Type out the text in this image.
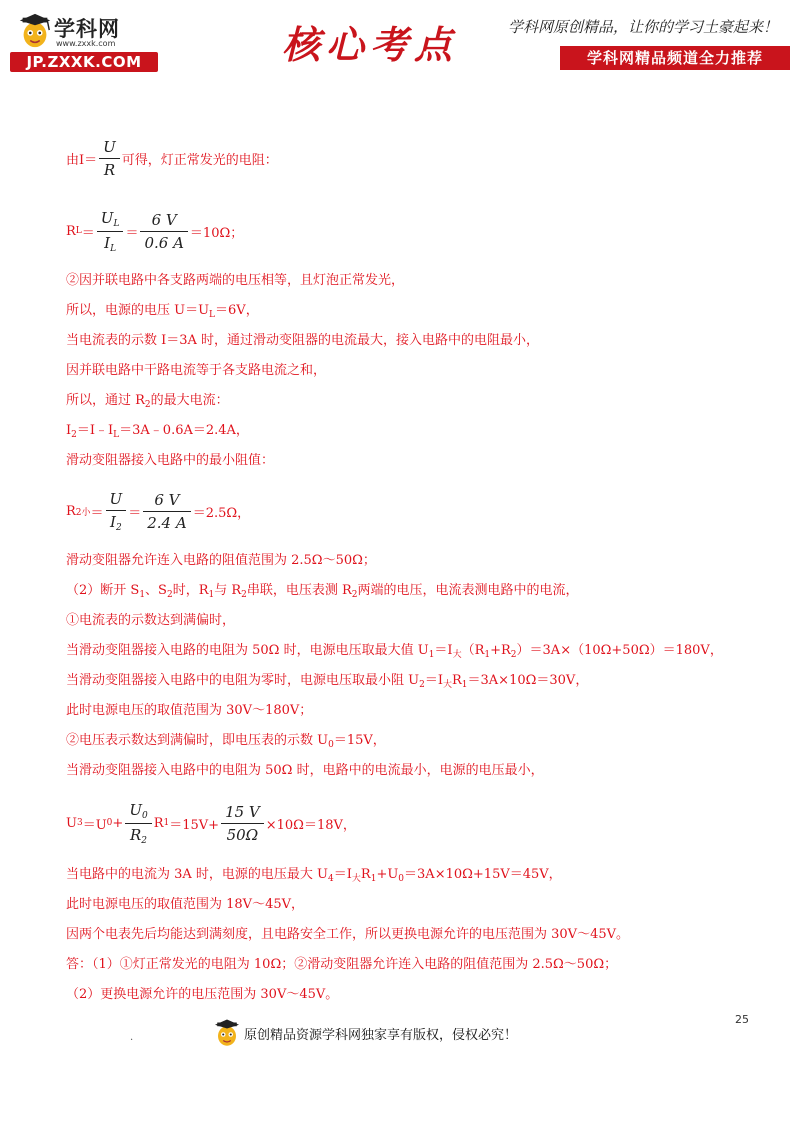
学科网
www.zxxk.com
JP.ZXXK.COM	核心考点	学科网原创精品，让你的学习土豪起来！
学科网精品频道全力推荐
由$I= \frac{U}{R}$ 可得，灯正常发光的电阻：
R $L = \frac{U_L}{I_L} = \frac{6 V}{0.6 A} =10\Omega$；
②因并联电路中各支路两端的电压相等，且灯泡正常发光，
所以，电源的电压 $U=U_L=6V$，
当电流表的示数 I＝3A 时，通过滑动变阻器的电流最大，接入电路中的电阻最小，
因并联电路中干路电流等于各支路电流之和，
所以，通过 $R_2$的最大电流：
$I_2=I﹣I_L=3A﹣0.6A=2.4A$，
滑动变阻器接入电路中的最小阻值：
R 2小 ＝ $\frac{U}{I_2} = \frac{6 V}{2.4 A} =2.5\Omega$，
滑动变阻器允许连入电路的阻值范围为 2.5Ω～50Ω；
（2）断开 $S_1$、$S_2$时，$R_1$与 $R_2$串联，电压表测 $R_2$两端的电压，电流表测电路中的电流，
①电流表的示数达到满偏时，
当滑动变阻器接入电路的电阻为 50Ω 时，电源电压取最大值 $U_1=I_大(R_1+R_2)=3A\times(10\Omega+50\Omega)=180V$，
当滑动变阻器接入电路中的电阻为零时，电源电压取最小阻 $U_2=I_大R_1=3A\times 10\Omega=30V$，
此时电源电压的取值范围为 30V～180V；
②电压表示数达到满偏时，即电压表的示数 $U_0=15V$，
当滑动变阻器接入电路中的电阻为 50Ω 时，电路中的电流最小，电源的电压最小，
U 3 ＝U $0 + \frac{U_0}{R_2}$ R $1 =15V+ \frac{15 V}{50\Omega} \times 10\Omega=18V$，
当电路中的电流为 3A 时，电源的电压最大 $U_4=I_大R_1+U_0=3A\times 10\Omega+15V=45V$，
此时电源电压的取值范围为 18V～45V，
因两个电表先后均能达到满刻度，且电路安全工作，所以更换电源允许的电压范围为 30V～45V。
答：（1）①灯正常发光的电阻为 10Ω；②滑动变阻器允许连入电路的阻值范围为 2.5Ω～50Ω；
（2）更换电源允许的电压范围为 30V～45V。
25
.	原创精品资源学科网独家享有版权，侵权必究！
